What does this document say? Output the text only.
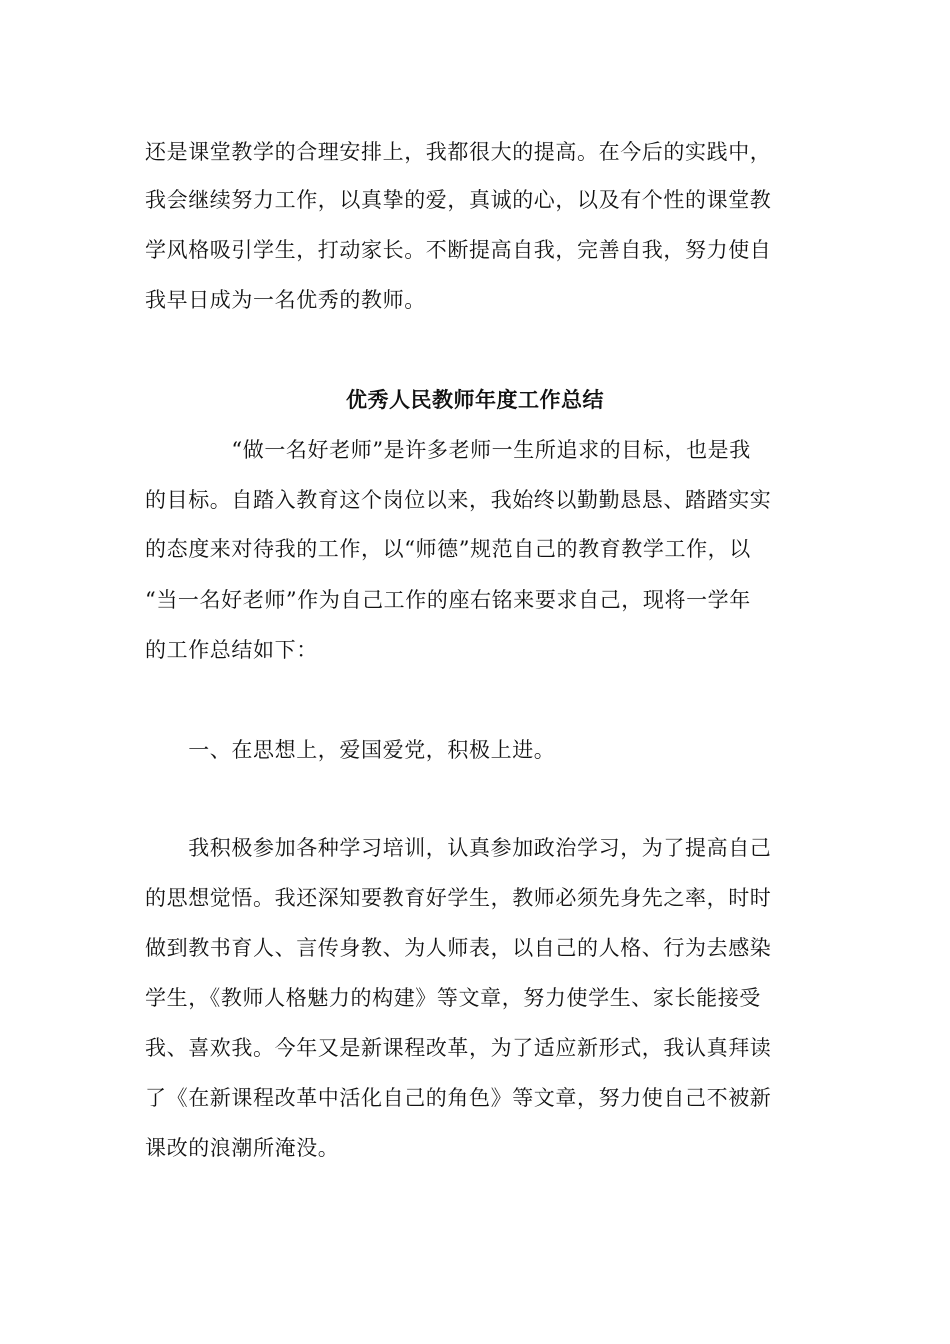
还是课堂教学的合理安排上，我都很大的提高。在今后的实践中，
我会继续努力工作，以真挚的爱，真诚的心，以及有个性的课堂教
学风格吸引学生，打动家长。不断提高自我，完善自我，努力使自
我早日成为一名优秀的教师。
优秀人民教师年度工作总结
　　　　“做一名好老师”是许多老师一生所追求的目标，也是我
的目标。自踏入教育这个岗位以来，我始终以勤勤恳恳、踏踏实实
的态度来对待我的工作，以“师德”规范自己的教育教学工作，以
“当一名好老师”作为自己工作的座右铭来要求自己，现将一学年
的工作总结如下：
　　一、在思想上，爱国爱党，积极上进。
　　我积极参加各种学习培训，认真参加政治学习，为了提高自己
的思想觉悟。我还深知要教育好学生，教师必须先身先之率，时时
做到教书育人、言传身教、为人师表，以自己的人格、行为去感染
学生，《教师人格魅力的构建》等文章，努力使学生、家长能接受
我、喜欢我。今年又是新课程改革，为了适应新形式，我认真拜读
了《在新课程改革中活化自己的角色》等文章，努力使自己不被新
课改的浪潮所淹没。
